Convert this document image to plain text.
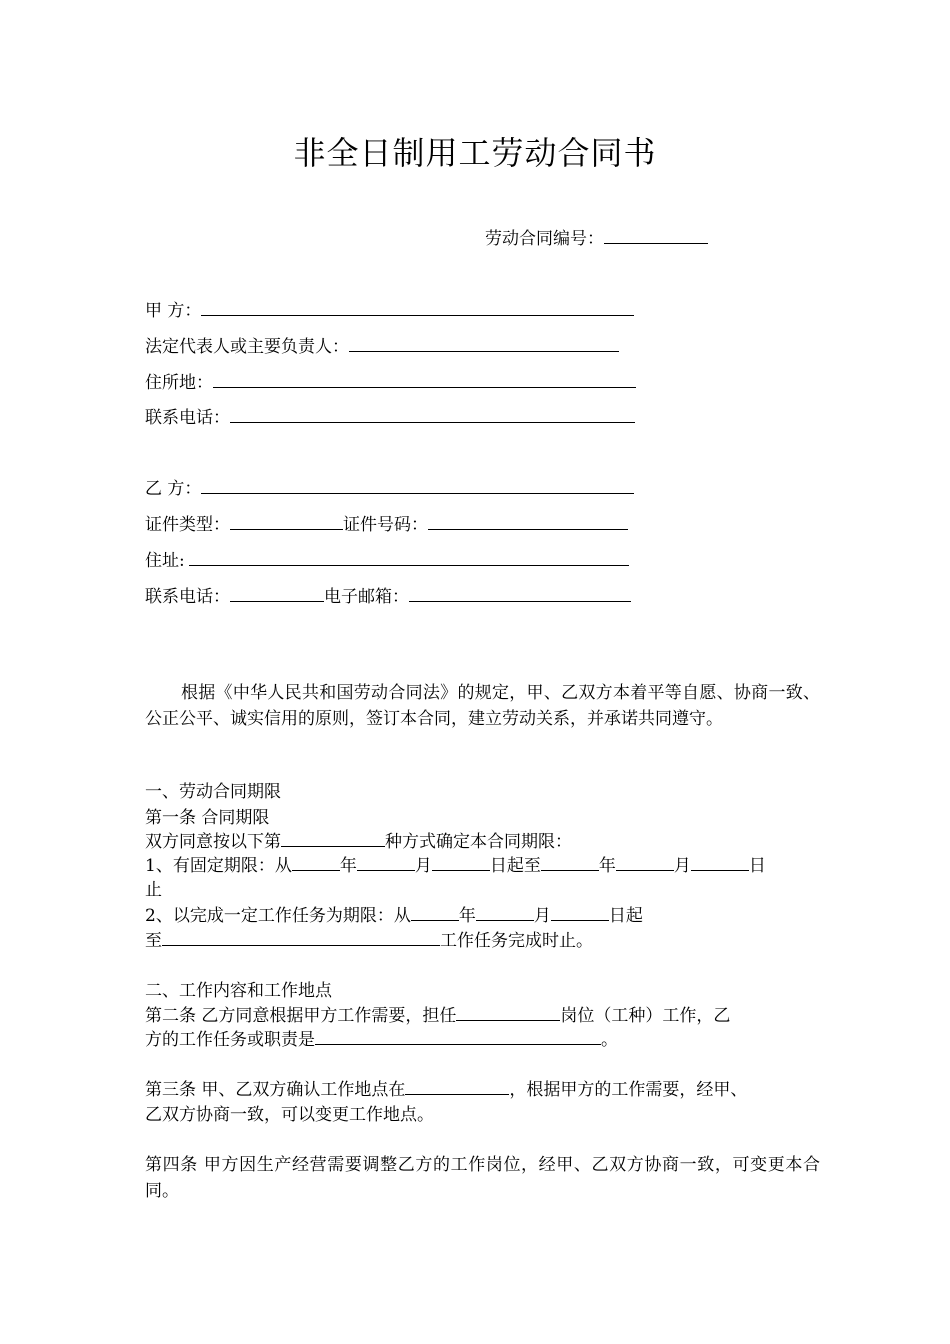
非全日制用工劳动合同书
劳动合同编号：
甲 方：
法定代表人或主要负责人：
住所地：
联系电话：
乙 方：
证件类型：	证件号码：
住址:
联系电话：	电子邮箱：
根据《中华人民共和国劳动合同法》的规定，甲、乙双方本着平等自愿、协商一致、公正公平、诚实信用的原则，签订本合同，建立劳动关系，并承诺共同遵守。
一、劳动合同期限
第一条 合同期限
双方同意按以下第	种方式确定本合同期限：
1、有固定期限：从	年	月	日起至	年	月	日
止
2、以完成一定工作任务为期限：从	年	月	日起
至	工作任务完成时止。
二、工作内容和工作地点
第二条 乙方同意根据甲方工作需要，担任	岗位（工种）工作，乙
方的工作任务或职责是	。
第三条 甲、乙双方确认工作地点在	，根据甲方的工作需要，经甲、
乙双方协商一致，可以变更工作地点。
第四条 甲方因生产经营需要调整乙方的工作岗位，经甲、乙双方协商一致，可变更本合同。
